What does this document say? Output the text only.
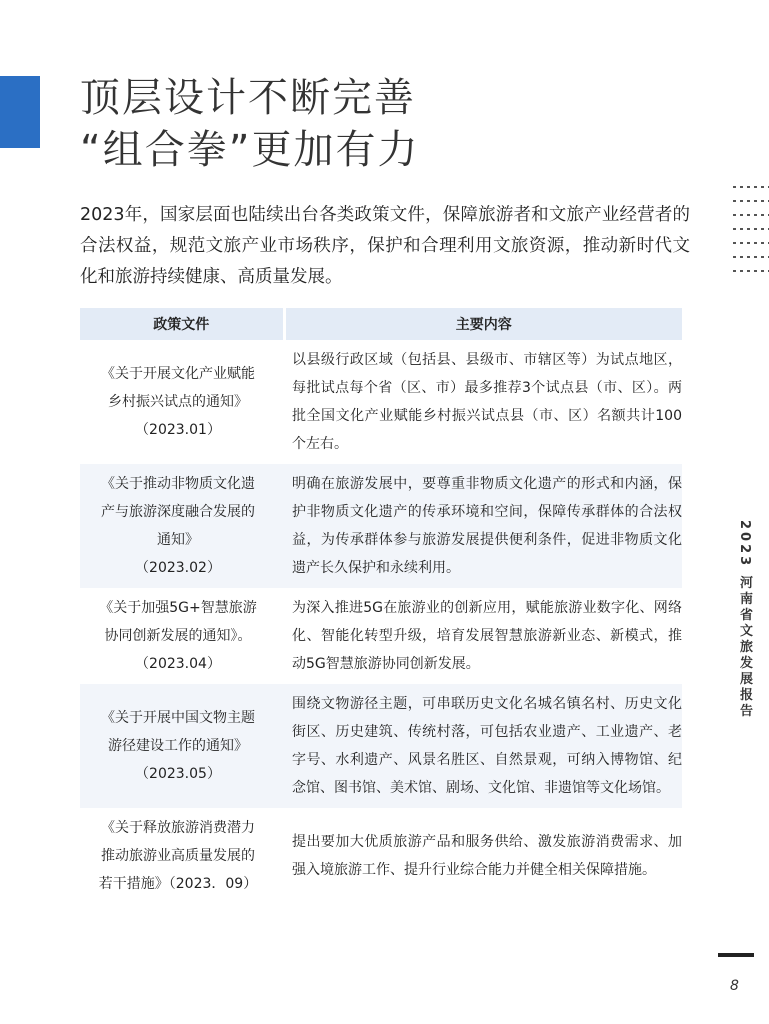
顶层设计不断完善
“组合拳”更加有力

2023年，国家层面也陆续出台各类政策文件，保障旅游者和文旅产业经营者的合法权益，规范文旅产业市场秩序，保护和合理利用文旅资源，推动新时代文化和旅游持续健康、高质量发展。

政策文件	主要内容

《关于开展文化产业赋能
乡村振兴试点的通知》
（2023.01）	以县级行政区域（包括县、县级市、市辖区等）为试点地区，每批试点每个省（区、市）最多推荐3个试点县（市、区）。两批全国文化产业赋能乡村振兴试点县（市、区）名额共计100个左右。

《关于推动非物质文化遗
产与旅游深度融合发展的
通知》
（2023.02）	明确在旅游发展中，要尊重非物质文化遗产的形式和内涵，保护非物质文化遗产的传承环境和空间，保障传承群体的合法权益，为传承群体参与旅游发展提供便利条件，促进非物质文化遗产长久保护和永续利用。

《关于加强5G+智慧旅游
协同创新发展的通知》。
（2023.04）	为深入推进5G在旅游业的创新应用，赋能旅游业数字化、网络化、智能化转型升级，培育发展智慧旅游新业态、新模式，推动5G智慧旅游协同创新发展。

《关于开展中国文物主题
游径建设工作的通知》
（2023.05）	围绕文物游径主题，可串联历史文化名城名镇名村、历史文化街区、历史建筑、传统村落，可包括农业遗产、工业遗产、老字号、水利遗产、风景名胜区、自然景观，可纳入博物馆、纪念馆、图书馆、美术馆、剧场、文化馆、非遗馆等文化场馆。

《关于释放旅游消费潜力
推动旅游业高质量发展的
若干措施》（2023．09）	提出要加大优质旅游产品和服务供给、激发旅游消费需求、加强入境旅游工作、提升行业综合能力并健全相关保障措施。
2023 河南省文旅发展报告
8
